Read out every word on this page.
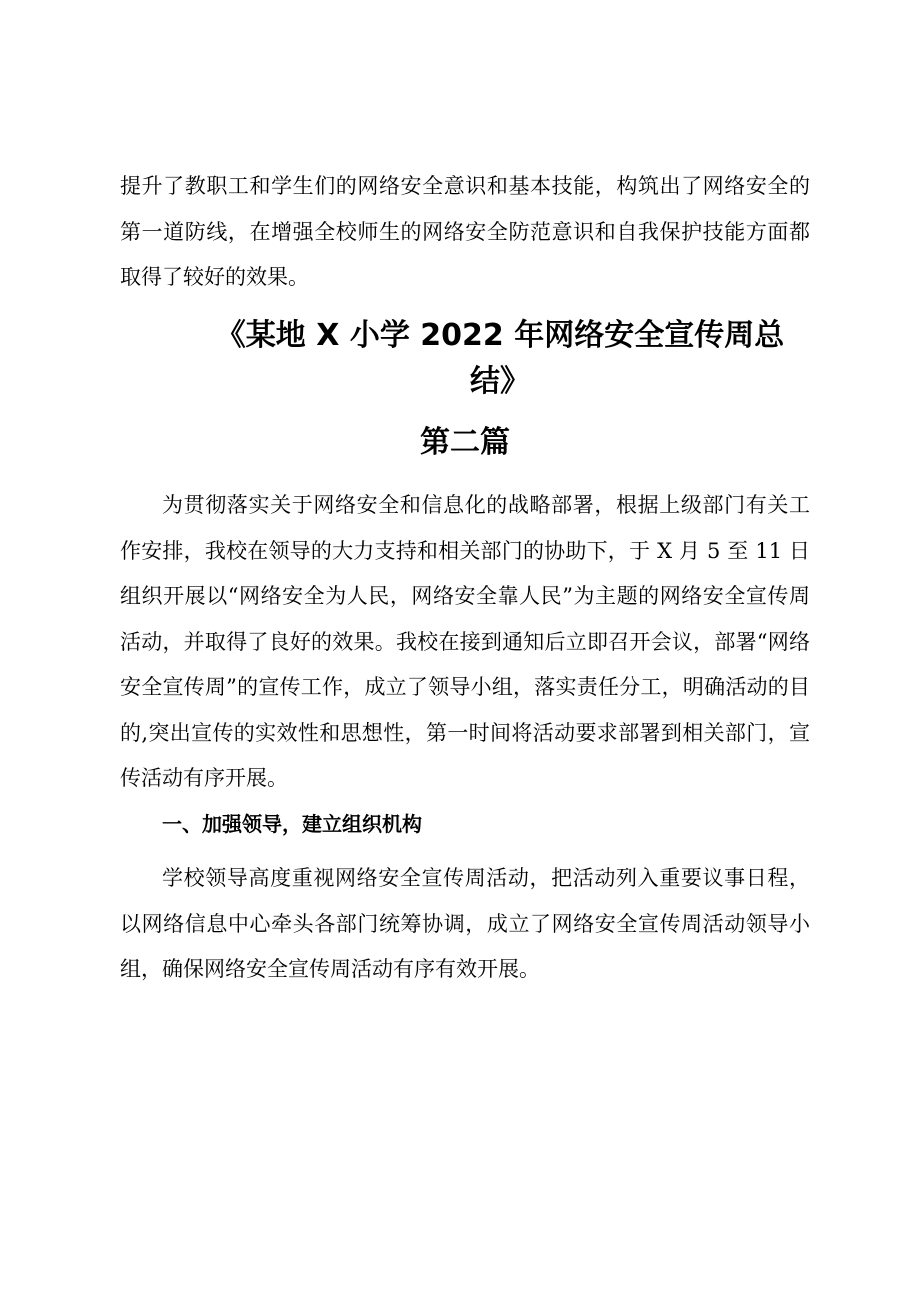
提升了教职工和学生们的网络安全意识和基本技能，构筑出了网络安全的第一道防线，在增强全校师生的网络安全防范意识和自我保护技能方面都取得了较好的效果。

《某地 X 小学 2022 年网络安全宣传周总
结》
第二篇

为贯彻落实关于网络安全和信息化的战略部署，根据上级部门有关工作安排，我校在领导的大力支持和相关部门的协助下，于 X 月 5 至 11 日组织开展以“网络安全为人民，网络安全靠人民”为主题的网络安全宣传周活动，并取得了良好的效果。我校在接到通知后立即召开会议，部署“网络安全宣传周”的宣传工作，成立了领导小组，落实责任分工，明确活动的目的,突出宣传的实效性和思想性，第一时间将活动要求部署到相关部门，宣传活动有序开展。

一、加强领导，建立组织机构

学校领导高度重视网络安全宣传周活动，把活动列入重要议事日程，以网络信息中心牵头各部门统筹协调，成立了网络安全宣传周活动领导小组，确保网络安全宣传周活动有序有效开展。
